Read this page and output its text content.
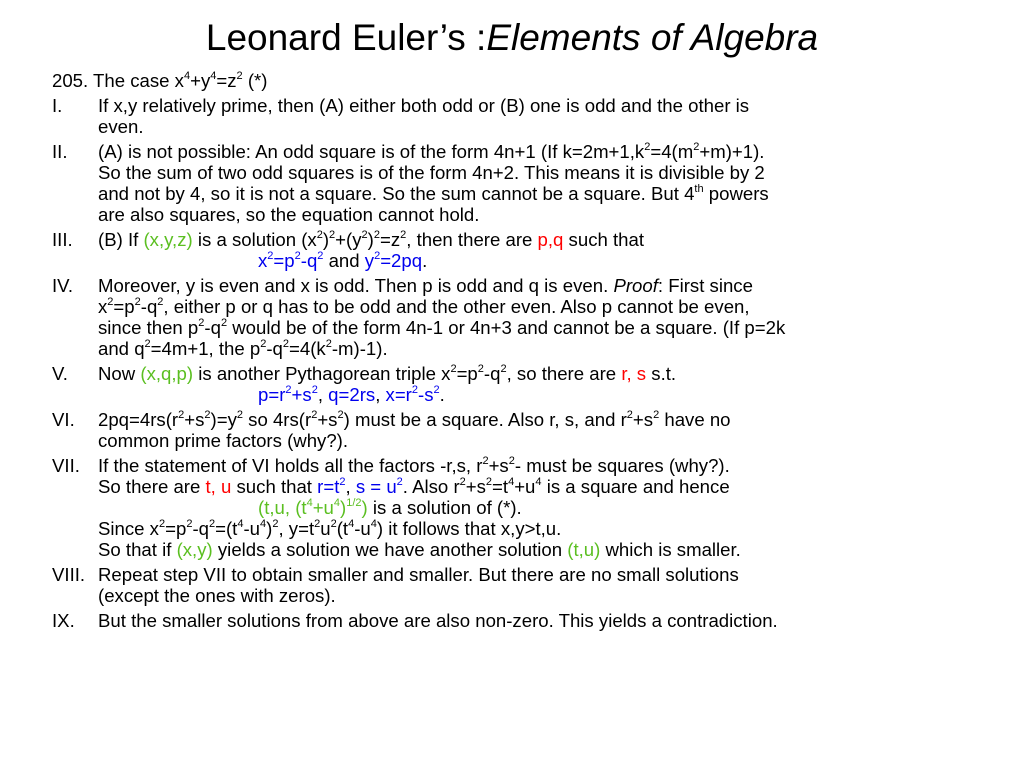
Leonard Euler’s :Elements of Algebra
205. The case $x^4+y^4=z^2$ (*)
I. If x,y relatively prime, then (A) either both odd or (B) one is odd and the other is
even.
II. (A) is not possible: An odd square is of the form 4n+1 (If $k=2m+1,k^2=4(m^2+m)+1$).
So the sum of two odd squares is of the form 4n+2. This means it is divisible by 2
and not by 4, so it is not a square. So the sum cannot be a square. But 4th powers
are also squares, so the equation cannot hold.
III. (B) If (x,y,z) is a solution $(x^2)^2+(y^2)^2=z^2$, then there are p,q such that
$x^2=p^2-q^2$ and $y^2=2pq$.
IV. Moreover, y is even and x is odd. Then p is odd and q is even. Proof: First since
$x^2=p^2-q^2$, either p or q has to be odd and the other even. Also p cannot be even,
since then $p^2-q^2$ would be of the form 4n-1 or 4n+3 and cannot be a square. (If p=2k
and $q^2=4m+1$, the $p^2-q^2=4(k^2-m)-1$).
V. Now (x,q,p) is another Pythagorean triple $x^2=p^2-q^2$, so there are r, s s.t.
$p=r^2+s^2$, q=2rs, $x=r^2-s^2$.
VI. $2pq=4rs(r^2+s^2)=y^2$ so $4rs(r^2+s^2)$ must be a square. Also r, s, and $r^2+s^2$ have no
common prime factors (why?).
VII. If the statement of VI holds all the factors -r,s, $r^2+s^2-$ must be squares (why?).
So there are t, u such that $r=t^2$, $s = u^2$. Also $r^2+s^2=t^4+u^4$ is a square and hence
(t,u, $(t^4+u^4)^{1/2}$) is a solution of (*).
Since $x^2=p^2-q^2=(t^4-u^4)^2$, $y=t^2u^2(t^4-u^4)$ it follows that x,y>t,u.
So that if (x,y) yields a solution we have another solution (t,u) which is smaller.
VIII. Repeat step VII to obtain smaller and smaller. But there are no small solutions
(except the ones with zeros).
IX. But the smaller solutions from above are also non-zero. This yields a contradiction.
